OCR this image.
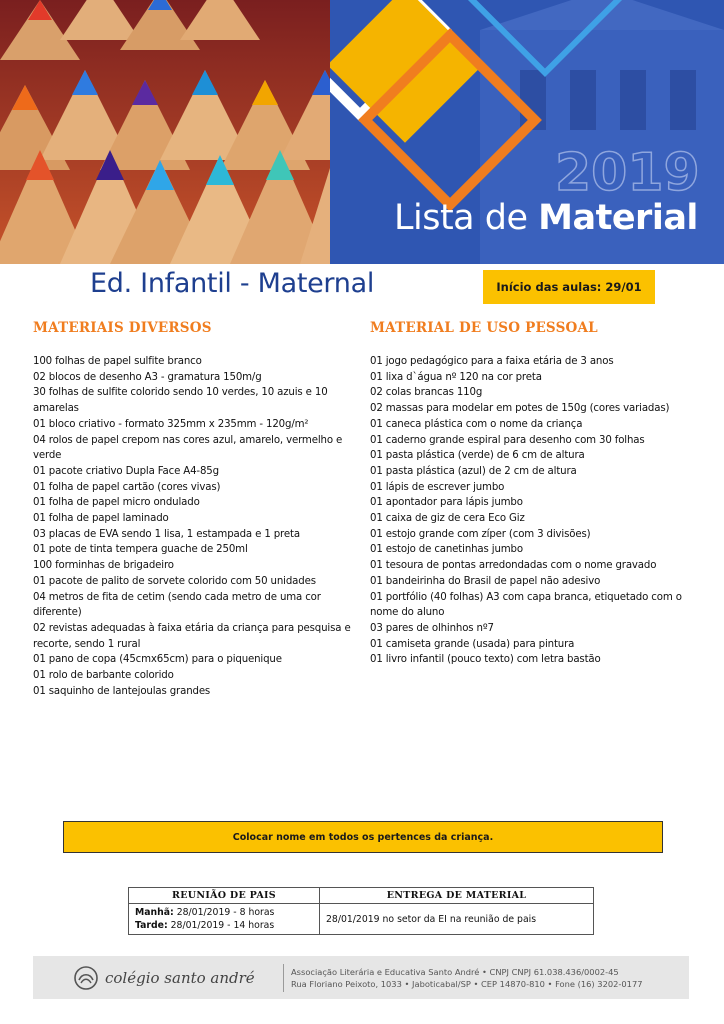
2019
Lista de Material
Ed. Infantil - Maternal	Início das aulas: 29/01
MATERIAIS DIVERSOS
100 folhas de papel sulfite branco
02 blocos de desenho A3 - gramatura 150m/g
30 folhas de sulfite colorido sendo 10 verdes, 10 azuis e 10 amarelas
01 bloco criativo - formato 325mm x 235mm - 120g/m²
04 rolos de papel crepom nas cores azul, amarelo, vermelho e verde
01 pacote criativo Dupla Face A4-85g
01 folha de papel cartão (cores vivas)
01 folha de papel micro ondulado
01 folha de papel laminado
03 placas de EVA sendo 1 lisa, 1 estampada e 1 preta
01 pote de tinta tempera guache de 250ml
100 forminhas de brigadeiro
01 pacote de palito de sorvete colorido com 50 unidades
04 metros de fita de cetim (sendo cada metro de uma cor diferente)
02 revistas adequadas à faixa etária da criança para pesquisa e recorte, sendo 1 rural
01 pano de copa (45cmx65cm) para o piquenique
01 rolo de barbante colorido
01 saquinho de lantejoulas grandes
MATERIAL DE USO PESSOAL
01 jogo pedagógico para a faixa etária de 3 anos
01 lixa d`água nº 120 na cor preta
02 colas brancas 110g
02 massas para modelar em potes de 150g (cores variadas)
01 caneca plástica com o nome da criança
01 caderno grande espiral para desenho com 30 folhas
01 pasta plástica (verde) de 6 cm de altura
01 pasta plástica (azul) de 2 cm de altura
01 lápis de escrever jumbo
01 apontador para lápis jumbo
01 caixa de giz de cera Eco Giz
01 estojo grande com zíper (com 3 divisões)
01 estojo de canetinhas jumbo
01 tesoura de pontas arredondadas com o nome gravado
01 bandeirinha do Brasil de papel não adesivo
01 portfólio (40 folhas) A3 com capa branca, etiquetado com o nome do aluno
03 pares de olhinhos nº7
01 camiseta grande (usada) para pintura
01 livro infantil (pouco texto) com letra bastão
Colocar nome em todos os pertences da criança.
REUNIÃO DE PAIS	ENTREGA DE MATERIAL

Manhã: 28/01/2019 - 8 horas
Tarde: 28/01/2019 - 14 horas	28/01/2019 no setor da EI na reunião de pais
colégio santo andré	Associação Literária e Educativa Santo André • CNPJ CNPJ 61.038.436/0002-45
Rua Floriano Peixoto, 1033 • Jaboticabal/SP • CEP 14870-810 • Fone (16) 3202-0177
